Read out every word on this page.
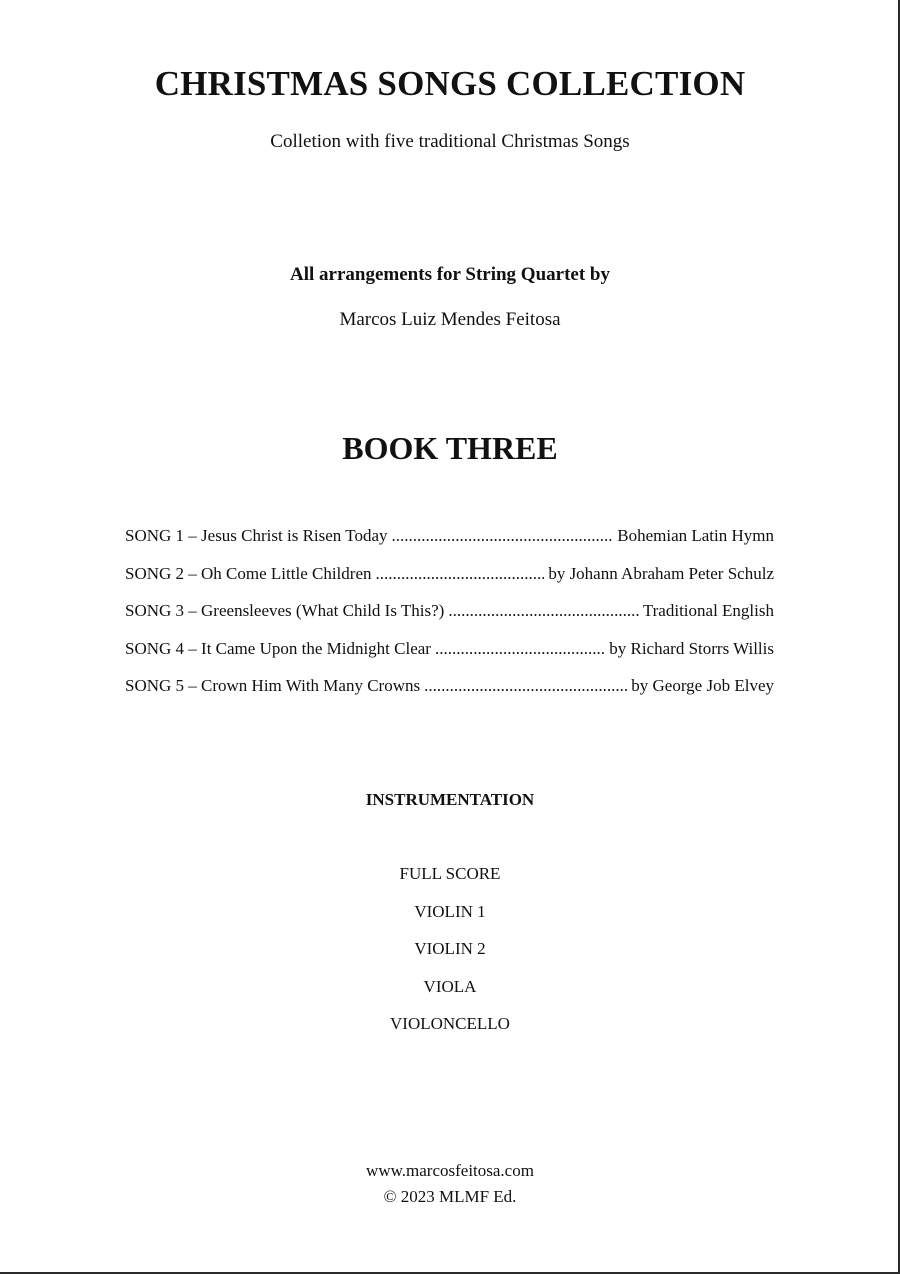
CHRISTMAS SONGS COLLECTION
Colletion with five traditional Christmas Songs
All arrangements for String Quartet by
Marcos Luiz Mendes Feitosa
BOOK THREE
SONG 1 – Jesus Christ is Risen Today .....	Bohemian Latin Hymn
SONG 2 – Oh Come Little Children .....	by Johann Abraham Peter Schulz
SONG 3 – Greensleeves (What Child Is This?) .....	Traditional English
SONG 4 – It Came Upon the Midnight Clear .....	by Richard Storrs Willis
SONG 5 – Crown Him With Many Crowns .....	by George Job Elvey
INSTRUMENTATION
FULL SCORE
VIOLIN 1
VIOLIN 2
VIOLA
VIOLONCELLO
www.marcosfeitosa.com
© 2023 MLMF Ed.
